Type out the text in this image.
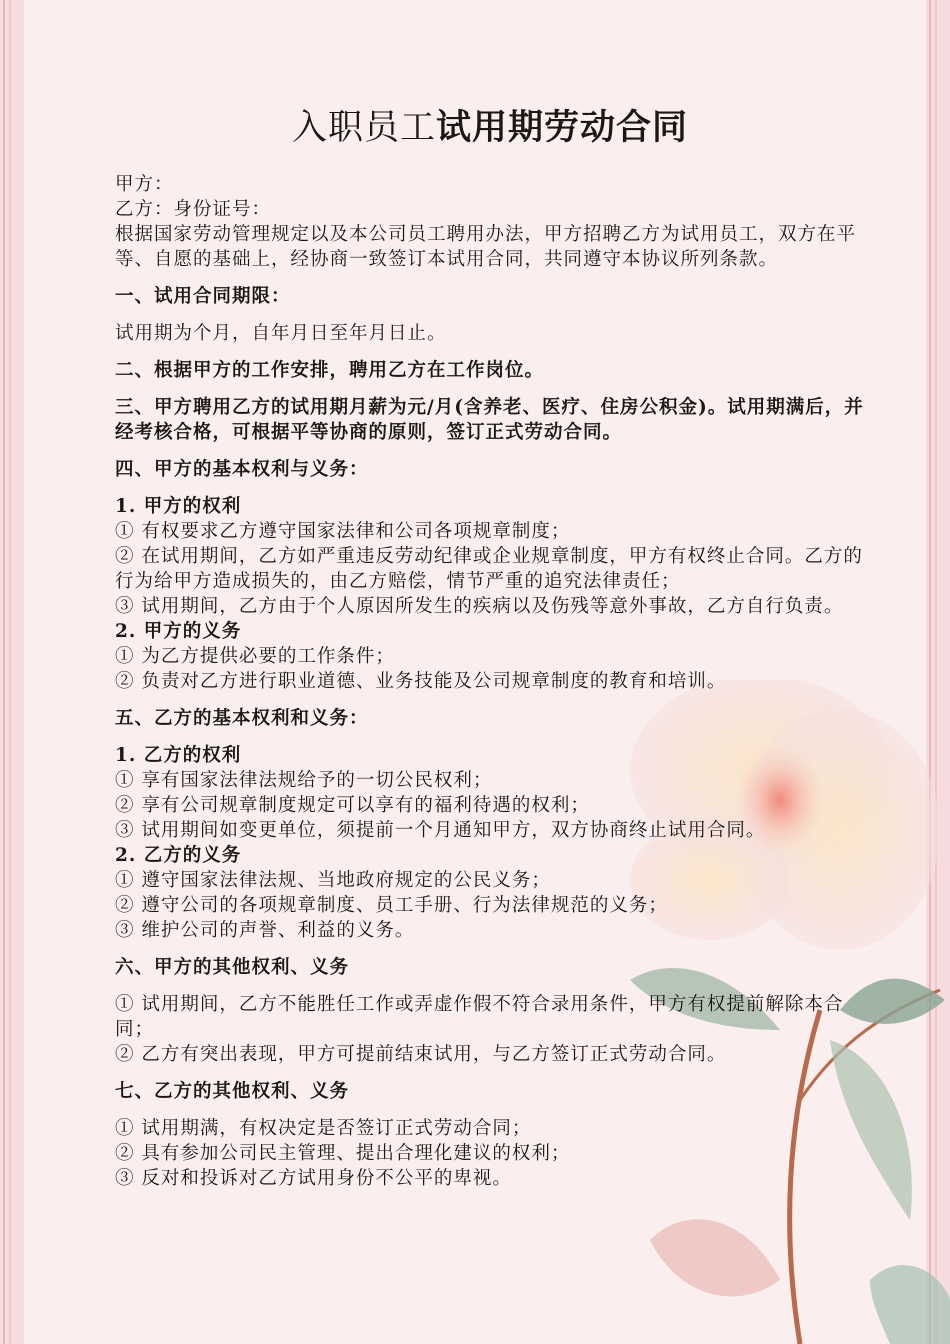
入职员工试用期劳动合同

甲方：

乙方：身份证号：

根据国家劳动管理规定以及本公司员工聘用办法，甲方招聘乙方为试用员工，双方在平等、自愿的基础上，经协商一致签订本试用合同，共同遵守本协议所列条款。

一、试用合同期限：

试用期为个月，自年月日至年月日止。

二、根据甲方的工作安排，聘用乙方在工作岗位。

三、甲方聘用乙方的试用期月薪为元/月(含养老、医疗、住房公积金)。试用期满后，并经考核合格，可根据平等协商的原则，签订正式劳动合同。

四、甲方的基本权利与义务：

1. 甲方的权利

① 有权要求乙方遵守国家法律和公司各项规章制度；

② 在试用期间，乙方如严重违反劳动纪律或企业规章制度，甲方有权终止合同。乙方的行为给甲方造成损失的，由乙方赔偿，情节严重的追究法律责任；

③ 试用期间，乙方由于个人原因所发生的疾病以及伤残等意外事故，乙方自行负责。

2. 甲方的义务

① 为乙方提供必要的工作条件；

② 负责对乙方进行职业道德、业务技能及公司规章制度的教育和培训。

五、乙方的基本权利和义务：

1. 乙方的权利

① 享有国家法律法规给予的一切公民权利；

② 享有公司规章制度规定可以享有的福利待遇的权利；

③ 试用期间如变更单位，须提前一个月通知甲方，双方协商终止试用合同。

2. 乙方的义务

① 遵守国家法律法规、当地政府规定的公民义务；

② 遵守公司的各项规章制度、员工手册、行为法律规范的义务；

③ 维护公司的声誉、利益的义务。

六、甲方的其他权利、义务

① 试用期间，乙方不能胜任工作或弄虚作假不符合录用条件，甲方有权提前解除本合同；

② 乙方有突出表现，甲方可提前结束试用，与乙方签订正式劳动合同。

七、乙方的其他权利、义务

① 试用期满，有权决定是否签订正式劳动合同；

② 具有参加公司民主管理、提出合理化建议的权利；

③ 反对和投诉对乙方试用身份不公平的卑视。
